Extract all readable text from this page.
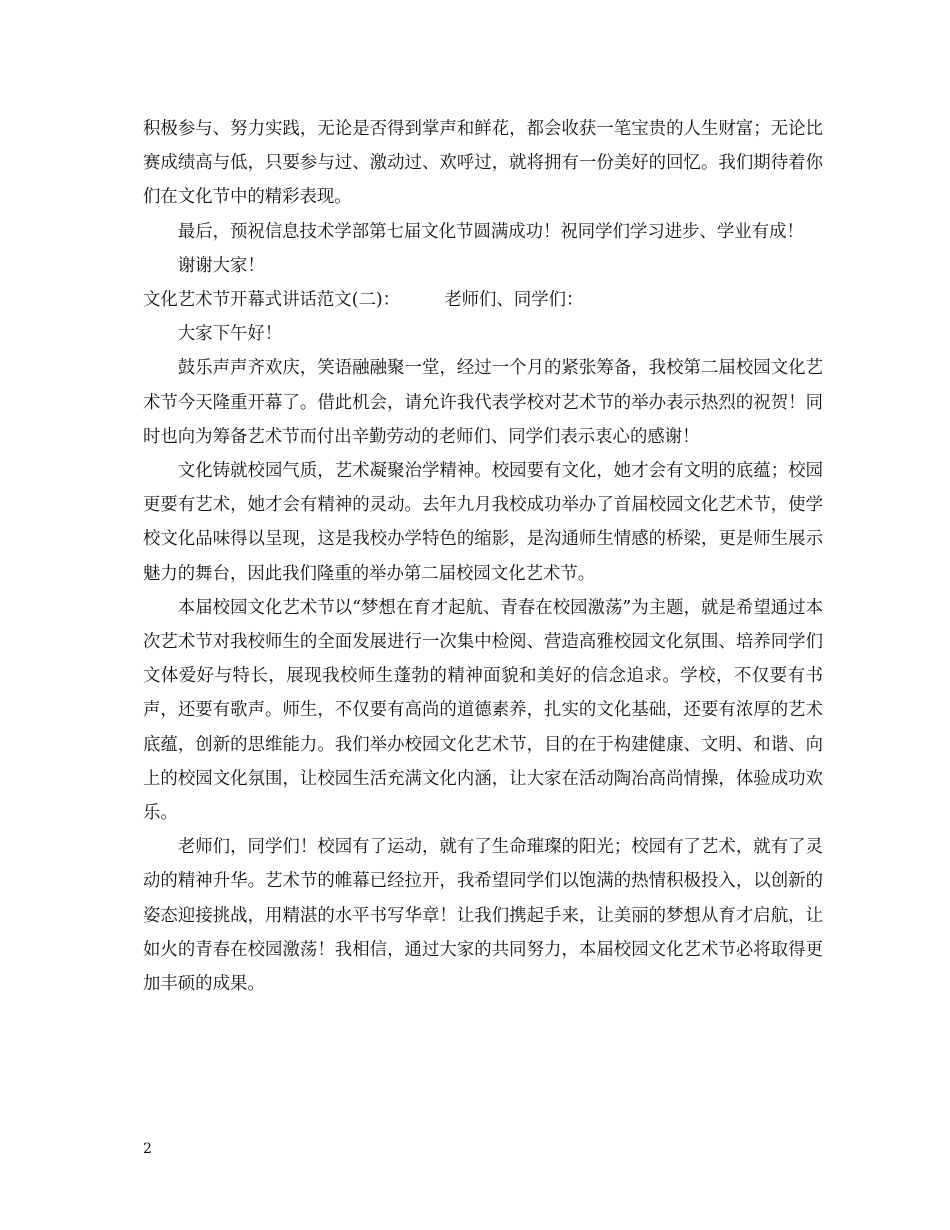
积极参与、努力实践，无论是否得到掌声和鲜花，都会收获一笔宝贵的人生财富；无论比赛成绩高与低，只要参与过、激动过、欢呼过，就将拥有一份美好的回忆。我们期待着你们在文化节中的精彩表现。

最后，预祝信息技术学部第七届文化节圆满成功！祝同学们学习进步、学业有成！

谢谢大家！

文化艺术节开幕式讲话范文(二)：        老师们、同学们：

大家下午好！

鼓乐声声齐欢庆，笑语融融聚一堂，经过一个月的紧张筹备，我校第二届校园文化艺术节今天隆重开幕了。借此机会，请允许我代表学校对艺术节的举办表示热烈的祝贺！同时也向为筹备艺术节而付出辛勤劳动的老师们、同学们表示衷心的感谢！

文化铸就校园气质，艺术凝聚治学精神。校园要有文化，她才会有文明的底蕴；校园更要有艺术，她才会有精神的灵动。去年九月我校成功举办了首届校园文化艺术节，使学校文化品味得以呈现，这是我校办学特色的缩影，是沟通师生情感的桥梁，更是师生展示魅力的舞台，因此我们隆重的举办第二届校园文化艺术节。

本届校园文化艺术节以“梦想在育才起航、青春在校园激荡”为主题，就是希望通过本次艺术节对我校师生的全面发展进行一次集中检阅、营造高雅校园文化氛围、培养同学们文体爱好与特长，展现我校师生蓬勃的精神面貌和美好的信念追求。学校，不仅要有书声，还要有歌声。师生，不仅要有高尚的道德素养，扎实的文化基础，还要有浓厚的艺术底蕴，创新的思维能力。我们举办校园文化艺术节，目的在于构建健康、文明、和谐、向上的校园文化氛围，让校园生活充满文化内涵，让大家在活动陶冶高尚情操，体验成功欢乐。

老师们，同学们！校园有了运动，就有了生命璀璨的阳光；校园有了艺术，就有了灵动的精神升华。艺术节的帷幕已经拉开，我希望同学们以饱满的热情积极投入，以创新的姿态迎接挑战，用精湛的水平书写华章！让我们携起手来，让美丽的梦想从育才启航，让如火的青春在校园激荡！我相信，通过大家的共同努力，本届校园文化艺术节必将取得更加丰硕的成果。

2
